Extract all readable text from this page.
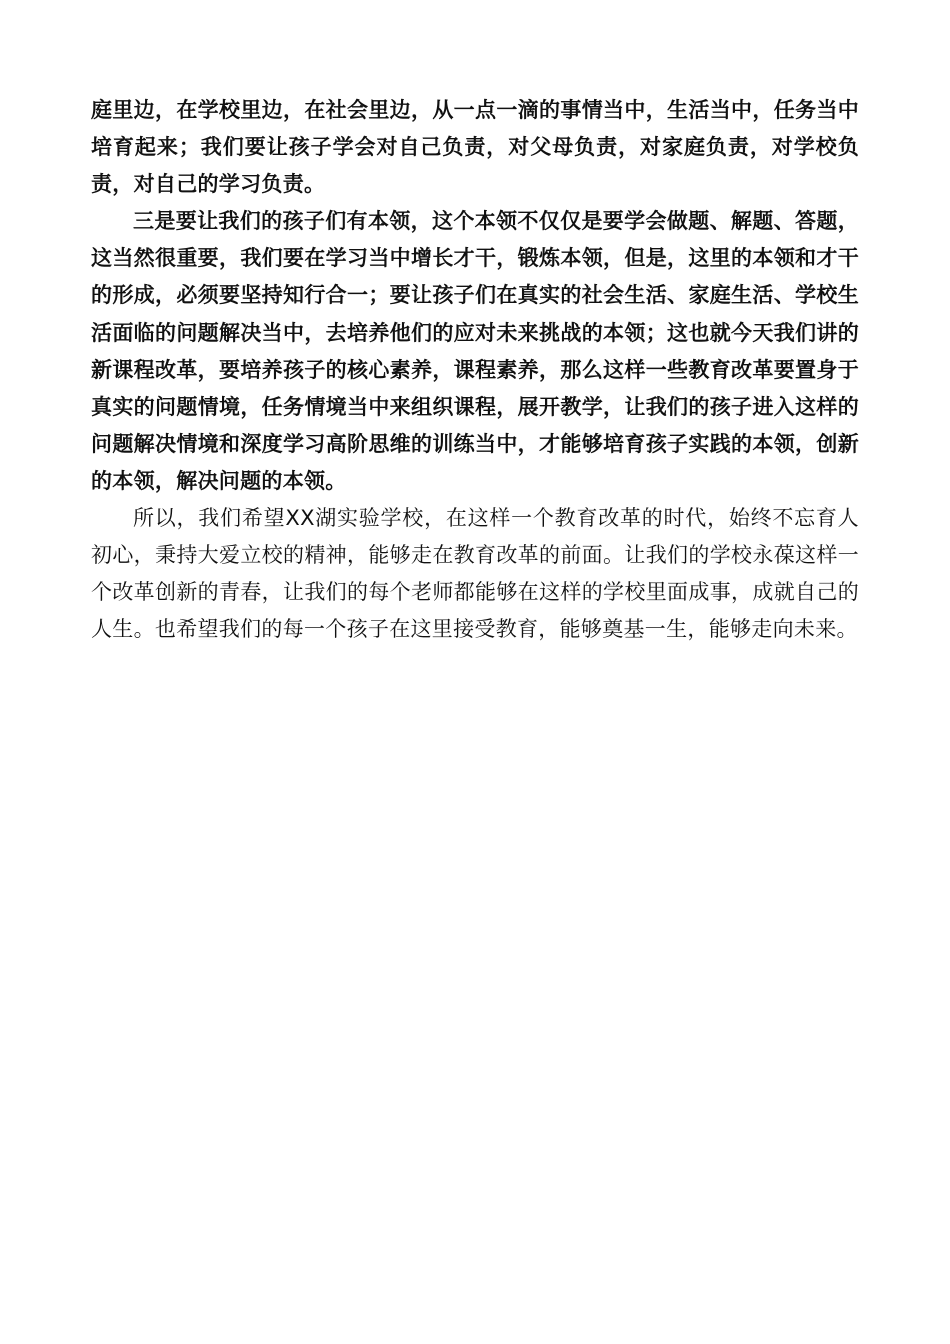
庭里边，在学校里边，在社会里边，从一点一滴的事情当中，生活当中，任务当中培育起来；我们要让孩子学会对自己负责，对父母负责，对家庭负责，对学校负责，对自己的学习负责。

三是要让我们的孩子们有本领，这个本领不仅仅是要学会做题、解题、答题，这当然很重要，我们要在学习当中增长才干，锻炼本领，但是，这里的本领和才干的形成，必须要坚持知行合一；要让孩子们在真实的社会生活、家庭生活、学校生活面临的问题解决当中，去培养他们的应对未来挑战的本领；这也就今天我们讲的新课程改革，要培养孩子的核心素养，课程素养，那么这样一些教育改革要置身于真实的问题情境，任务情境当中来组织课程，展开教学，让我们的孩子进入这样的问题解决情境和深度学习高阶思维的训练当中，才能够培育孩子实践的本领，创新的本领，解决问题的本领。

所以，我们希望XX湖实验学校，在这样一个教育改革的时代，始终不忘育人初心，秉持大爱立校的精神，能够走在教育改革的前面。让我们的学校永葆这样一个改革创新的青春，让我们的每个老师都能够在这样的学校里面成事，成就自己的人生。也希望我们的每一个孩子在这里接受教育，能够奠基一生，能够走向未来。
